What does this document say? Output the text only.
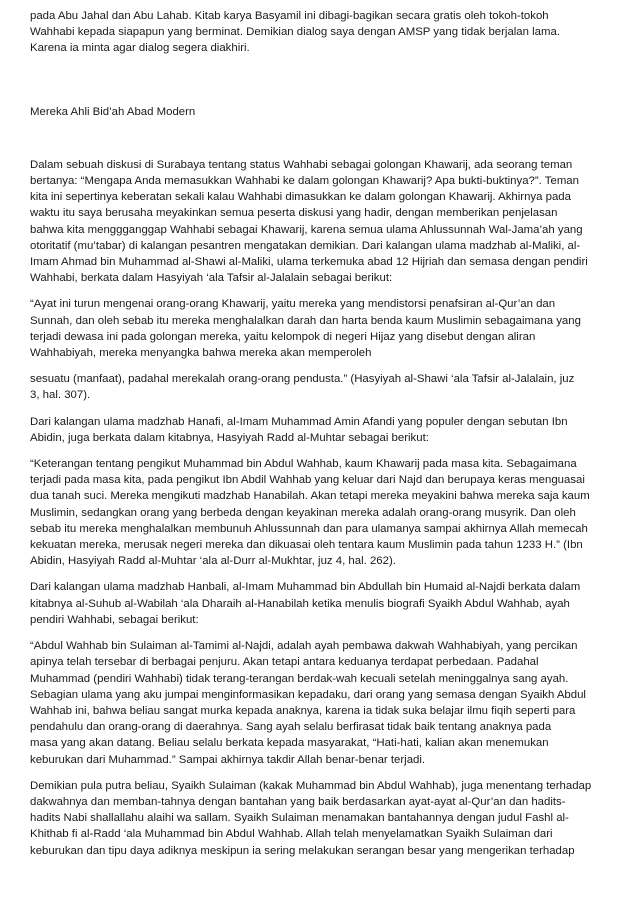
pada Abu Jahal dan Abu Lahab. Kitab karya Basyamil ini dibagi-bagikan secara gratis oleh tokoh-tokoh
Wahhabi kepada siapapun yang berminat. Demikian dialog saya dengan AMSP yang tidak berjalan lama.
Karena ia minta agar dialog segera diakhiri.
Mereka Ahli Bid’ah Abad Modern
Dalam sebuah diskusi di Surabaya tentang status Wahhabi sebagai golongan Khawarij, ada seorang teman
bertanya: “Mengapa Anda memasukkan Wahhabi ke dalam golongan Khawarij? Apa bukti-buktinya?”. Teman
kita ini sepertinya keberatan sekali kalau Wahhabi dimasukkan ke dalam golongan Khawarij. Akhirnya pada
waktu itu saya berusaha meyakinkan semua peserta diskusi yang hadir, dengan memberikan penjelasan
bahwa kita menggganggap Wahhabi sebagai Khawarij, karena semua ulama Ahlussunnah Wal-Jama’ah yang
otoritatif (mu’tabar) di kalangan pesantren mengatakan demikian. Dari kalangan ulama madzhab al-Maliki, al-
Imam Ahmad bin Muhammad al-Shawi al-Maliki, ulama terkemuka abad 12 Hijriah dan semasa dengan pendiri
Wahhabi, berkata dalam Hasyiyah ‘ala Tafsir al-Jalalain sebagai berikut:
“Ayat ini turun mengenai orang-orang Khawarij, yaitu mereka yang mendistorsi penafsiran al-Qur’an dan
Sunnah, dan oleh sebab itu mereka menghalalkan darah dan harta benda kaum Muslimin sebagaimana yang
terjadi dewasa ini pada golongan mereka, yaitu kelompok di negeri Hijaz yang disebut dengan aliran
Wahhabiyah, mereka menyangka bahwa mereka akan memperoleh
sesuatu (manfaat), padahal merekalah orang-orang pendusta.” (Hasyiyah al-Shawi ‘ala Tafsir al-Jalalain, juz
3, hal. 307).
Dari kalangan ulama madzhab Hanafi, al-Imam Muhammad Amin Afandi yang populer dengan sebutan Ibn
Abidin, juga berkata dalam kitabnya, Hasyiyah Radd al-Muhtar sebagai berikut:
“Keterangan tentang pengikut Muhammad bin Abdul Wahhab, kaum Khawarij pada masa kita. Sebagaimana
terjadi pada masa kita, pada pengikut Ibn Abdil Wahhab yang keluar dari Najd dan berupaya keras menguasai
dua tanah suci. Mereka mengikuti madzhab Hanabilah. Akan tetapi mereka meyakini bahwa mereka saja kaum
Muslimin, sedangkan orang yang berbeda dengan keyakinan mereka adalah orang-orang musyrik. Dan oleh
sebab itu mereka menghalalkan membunuh Ahlussunnah dan para ulamanya sampai akhirnya Allah memecah
kekuatan mereka, merusak negeri mereka dan dikuasai oleh tentara kaum Muslimin pada tahun 1233 H.” (Ibn
Abidin, Hasyiyah Radd al-Muhtar ‘ala al-Durr al-Mukhtar, juz 4, hal. 262).
Dari kalangan ulama madzhab Hanbali, al-Imam Muhammad bin Abdullah bin Humaid al-Najdi berkata dalam
kitabnya al-Suhub al-Wabilah ‘ala Dharaih al-Hanabilah ketika menulis biografi Syaikh Abdul Wahhab, ayah
pendiri Wahhabi, sebagai berikut:
“Abdul Wahhab bin Sulaiman al-Tamimi al-Najdi, adalah ayah pembawa dakwah Wahhabiyah, yang percikan
apinya telah tersebar di berbagai penjuru. Akan tetapi antara keduanya terdapat perbedaan. Padahal
Muhammad (pendiri Wahhabi) tidak terang-terangan berdak-wah kecuali setelah meninggalnya sang ayah.
Sebagian ulama yang aku jumpai menginformasikan kepadaku, dari orang yang semasa dengan Syaikh Abdul
Wahhab ini, bahwa beliau sangat murka kepada anaknya, karena ia tidak suka belajar ilmu fiqih seperti para
pendahulu dan orang-orang di daerahnya. Sang ayah selalu berfirasat tidak baik tentang anaknya pada
masa yang akan datang. Beliau selalu berkata kepada masyarakat, “Hati-hati, kalian akan menemukan
keburukan dari Muhammad.” Sampai akhirnya takdir Allah benar-benar terjadi.
Demikian pula putra beliau, Syaikh Sulaiman (kakak Muhammad bin Abdul Wahhab), juga menentang terhadap
dakwahnya dan memban-tahnya dengan bantahan yang baik berdasarkan ayat-ayat al-Qur’an dan hadits-
hadits Nabi shallallahu alaihi wa sallam. Syaikh Sulaiman menamakan bantahannya dengan judul Fashl al-
Khithab fi al-Radd ‘ala Muhammad bin Abdul Wahhab. Allah telah menyelamatkan Syaikh Sulaiman dari
keburukan dan tipu daya adiknya meskipun ia sering melakukan serangan besar yang mengerikan terhadap
